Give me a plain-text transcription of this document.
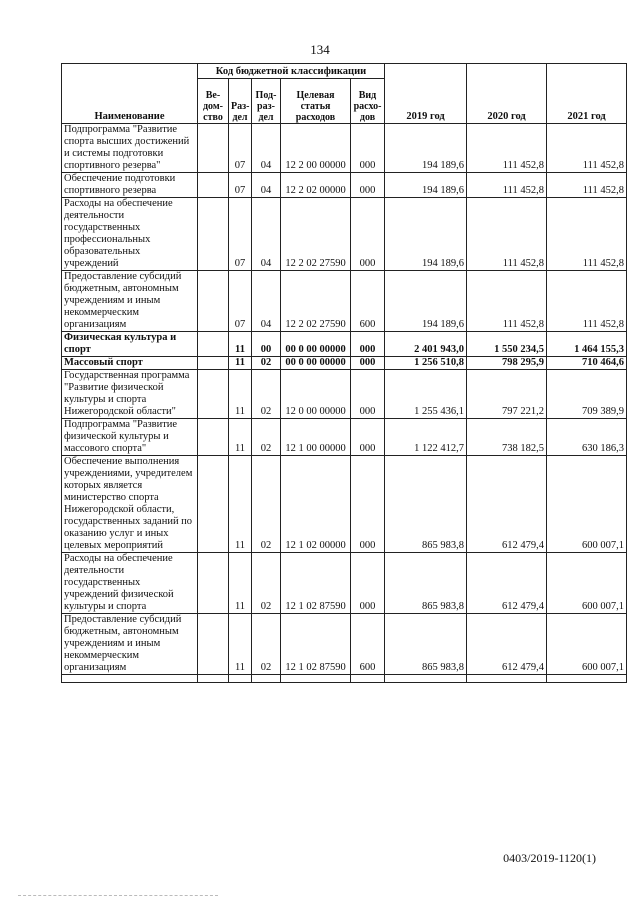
134
Наименование	Код бюджетной классификации					2019 год	2020 год	2021 год
	Ве-дом-ство	Раз-дел	Под-раз-дел	Целевая статья расходов	Вид расхо-дов			
Подпрограмма "Развитие спорта высших достижений и системы подготовки спортивного резерва"		07	04	12 2 00 00000	000	194 189,6	111 452,8	111 452,8
Обеспечение подготовки спортивного резерва		07	04	12 2 02 00000	000	194 189,6	111 452,8	111 452,8
Расходы на обеспечение деятельности государственных профессиональных образовательных учреждений		07	04	12 2 02 27590	000	194 189,6	111 452,8	111 452,8
Предоставление субсидий бюджетным, автономным учреждениям и иным некоммерческим организациям		07	04	12 2 02 27590	600	194 189,6	111 452,8	111 452,8
Физическая культура и спорт		11	00	00 0 00 00000	000	2 401 943,0	1 550 234,5	1 464 155,3
Массовый спорт		11	02	00 0 00 00000	000	1 256 510,8	798 295,9	710 464,6
Государственная программа "Развитие физической культуры и спорта Нижегородской области"		11	02	12 0 00 00000	000	1 255 436,1	797 221,2	709 389,9
Подпрограмма "Развитие физической культуры и массового спорта"		11	02	12 1 00 00000	000	1 122 412,7	738 182,5	630 186,3
Обеспечение выполнения учреждениями, учредителем которых является министерство спорта Нижегородской области, государственных заданий по оказанию услуг и иных целевых мероприятий		11	02	12 1 02 00000	000	865 983,8	612 479,4	600 007,1
Расходы на обеспечение деятельности государственных учреждений физической культуры и спорта		11	02	12 1 02 87590	000	865 983,8	612 479,4	600 007,1
Предоставление субсидий бюджетным, автономным учреждениям и иным некоммерческим организациям		11	02	12 1 02 87590	600	865 983,8	612 479,4	600 007,1

0403/2019-1120(1)
